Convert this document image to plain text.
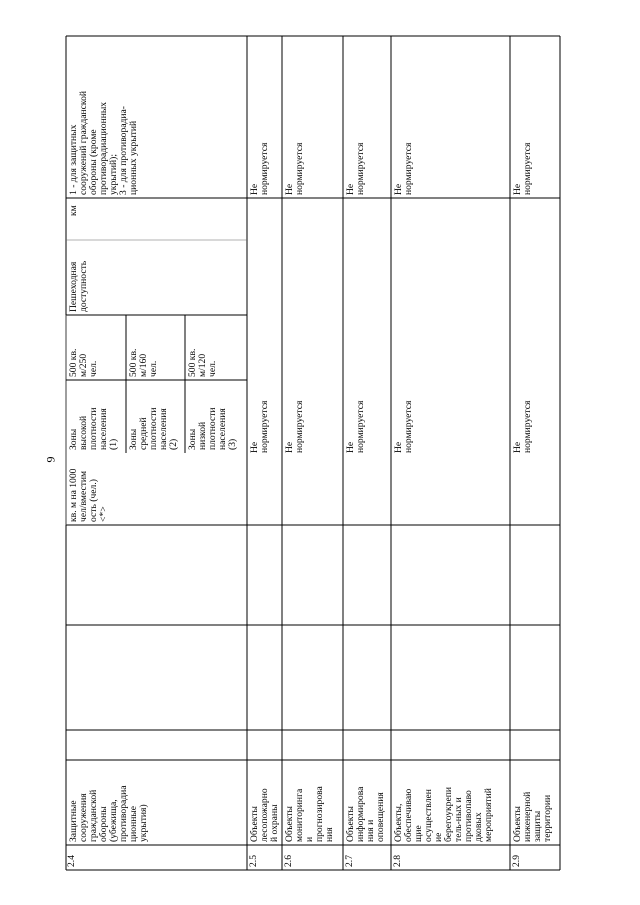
9
2.4
Защитные
сооружения
гражданской
обороны
(убежища,
противорадиа
ционные
укрытия)
кв. м на 1000
чел/вместим
ость (чел.)
<*>
Зоны
высокой
плотности
населения
(1)
500 кв.
м/250
чел.
Зоны
средней
плотности
населения
(2)
500 кв.
м/160
чел.
Зоны
низкой
плотности
населения
(3)
500 кв.
м/120
чел.
Пешеходная
доступность
км
1 - для защитных
сооружений гражданской
обороны (кроме
противорадиационных
укрытий);
3 - для противорадиа-
ционных укрытий
2.5
Объекты
лесопожарно
й охраны
Не
нормируется
Не
нормируется
2.6
Объекты
мониторинга
и
прогнозирова
ния
Не
нормируется
Не
нормируется
2.7
Объекты
информирова
ния и
оповещения
Не
нормируется
Не
нормируется
2.8
Объекты,
обеспечиваю
щие
осуществлен
ие
берегоукрепи
тель-ных и
противопаво
дковых
мероприятий
Не
нормируется
Не
нормируется
2.9
Объекты
инженерной
защиты
территории
Не
нормируется
Не
нормируется
